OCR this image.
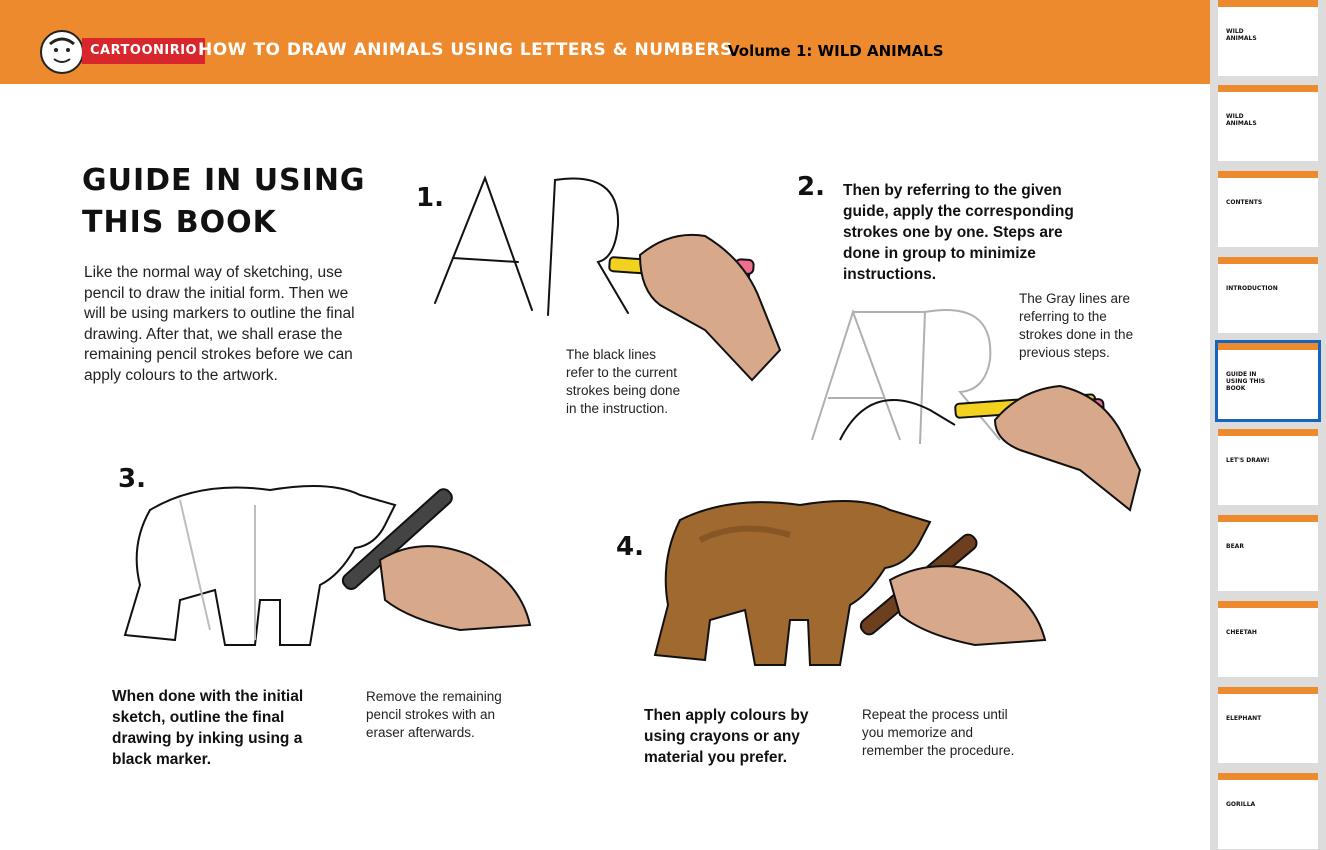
CARTOONIRIO HOW TO DRAW ANIMALS USING LETTERS & NUMBERS
Volume 1: WILD ANIMALS
GUIDE IN USING
THIS BOOK
Like the normal way of sketching, use pencil to draw the initial form. Then we will be using markers to outline the final drawing. After that, we shall erase the remaining pencil strokes before we can apply colours to the artwork.
1.
The black lines
refer to the current
strokes being done
in the instruction.
2. Then by referring to the given
guide, apply the corresponding
strokes one by one. Steps are
done in group to minimize
instructions.
The Gray lines are
referring to the
strokes done in the
previous steps.
3.
When done with the initial
sketch, outline the final
drawing by inking using a
black marker.
Remove the remaining
pencil strokes with an
eraser afterwards.
4.
Then apply colours by
using crayons or any
material you prefer.
Repeat the process until
you memorize and
remember the procedure.
WILD ANIMALS
WILD ANIMALS
CONTENTS
INTRODUCTION
GUIDE IN USING THIS BOOK
LET'S DRAW!
BEAR
CHEETAH
ELEPHANT
GORILLA
